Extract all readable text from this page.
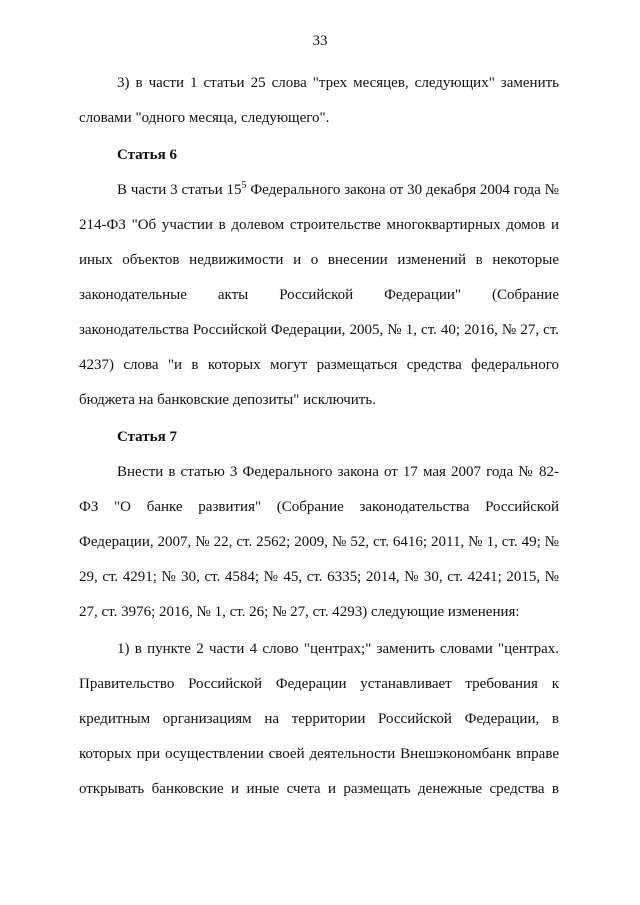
33

3) в части 1 статьи 25 слова "трех месяцев, следующих" заменить словами "одного месяца, следующего".

Статья 6

В части 3 статьи $15^5$ Федерального закона от 30 декабря 2004 года № 214-ФЗ "Об участии в долевом строительстве многоквартирных домов и иных объектов недвижимости и о внесении изменений в некоторые законодательные акты Российской Федерации" (Собрание законодательства Российской Федерации, 2005, № 1, ст. 40; 2016, № 27, ст. 4237) слова "и в которых могут размещаться средства федерального бюджета на банковские депозиты" исключить.

Статья 7

Внести в статью 3 Федерального закона от 17 мая 2007 года № 82-ФЗ "О банке развития" (Собрание законодательства Российской Федерации, 2007, № 22, ст. 2562; 2009, № 52, ст. 6416; 2011, № 1, ст. 49; № 29, ст. 4291; № 30, ст. 4584; № 45, ст. 6335; 2014, № 30, ст. 4241; 2015, № 27, ст. 3976; 2016, № 1, ст. 26; № 27, ст. 4293) следующие изменения:

1) в пункте 2 части 4 слово "центрах;" заменить словами "центрах. Правительство Российской Федерации устанавливает требования к кредитным организациям на территории Российской Федерации, в которых при осуществлении своей деятельности Внешэкономбанк вправе открывать банковские и иные счета и размещать денежные средства в
